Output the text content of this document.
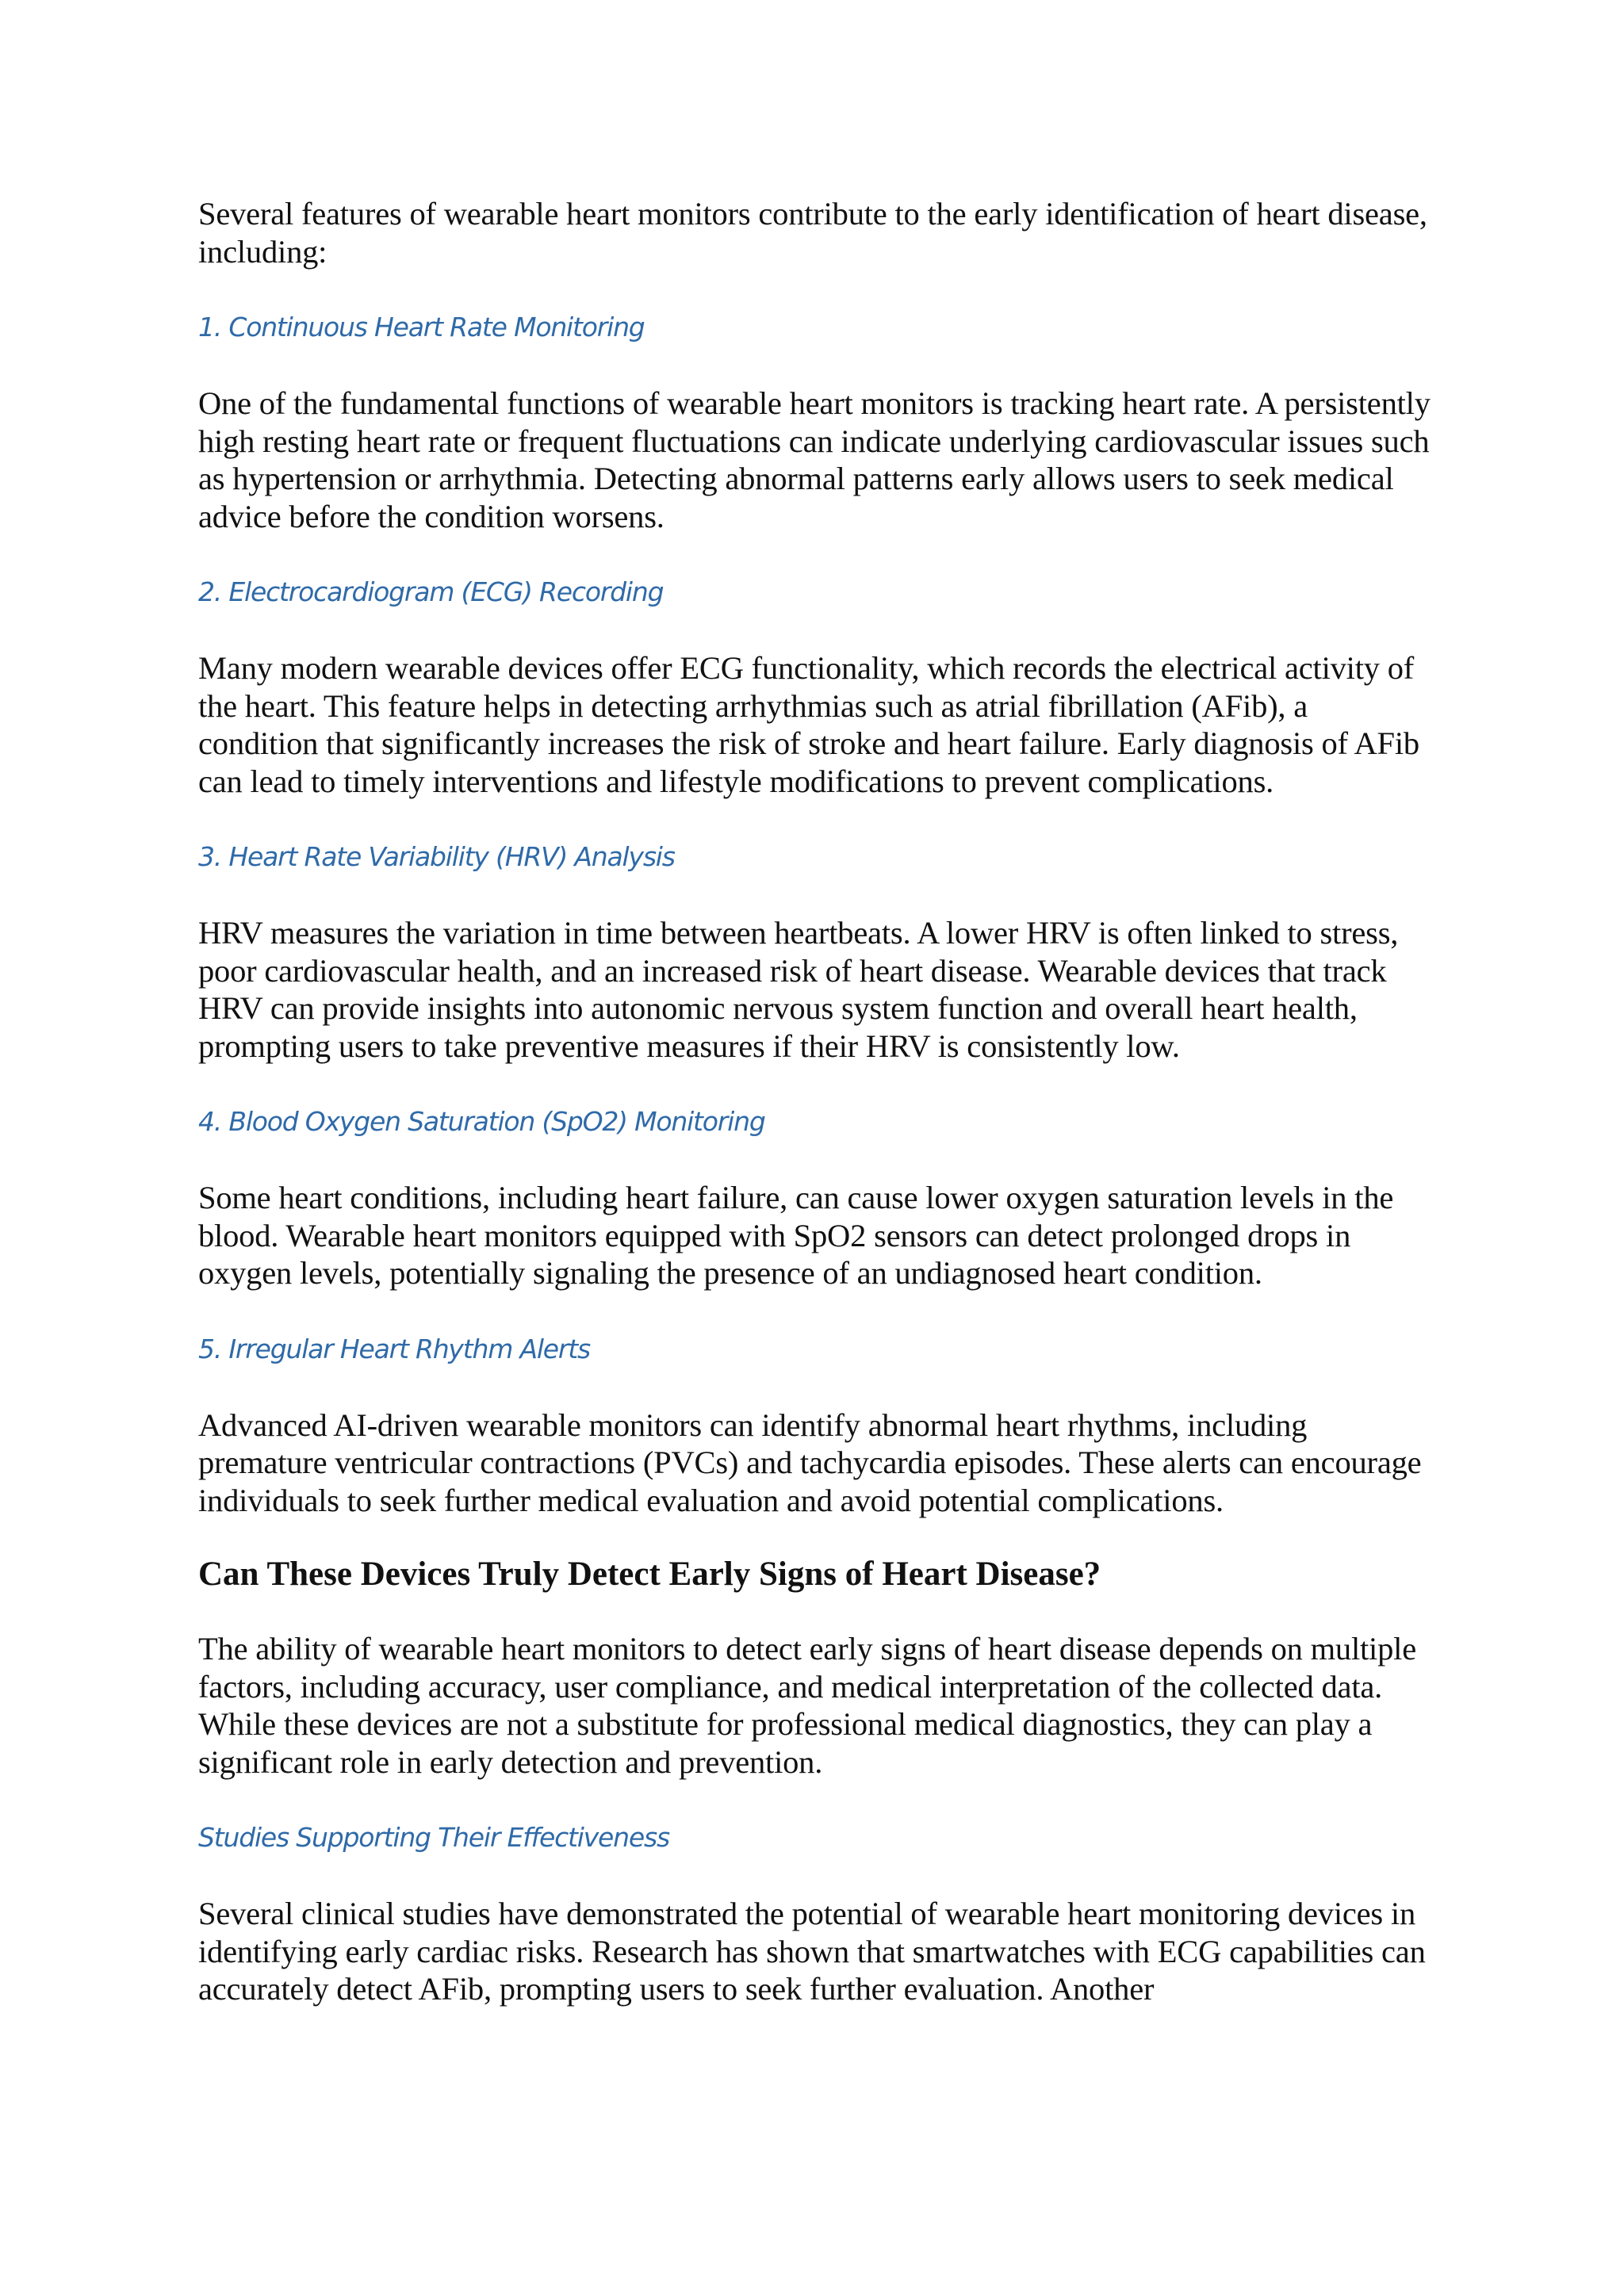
Several features of wearable heart monitors contribute to the early identification of heart disease, including:

1. Continuous Heart Rate Monitoring

One of the fundamental functions of wearable heart monitors is tracking heart rate. A persistently high resting heart rate or frequent fluctuations can indicate underlying cardiovascular issues such as hypertension or arrhythmia. Detecting abnormal patterns early allows users to seek medical advice before the condition worsens.

2. Electrocardiogram (ECG) Recording

Many modern wearable devices offer ECG functionality, which records the electrical activity of the heart. This feature helps in detecting arrhythmias such as atrial fibrillation (AFib), a condition that significantly increases the risk of stroke and heart failure. Early diagnosis of AFib can lead to timely interventions and lifestyle modifications to prevent complications.

3. Heart Rate Variability (HRV) Analysis

HRV measures the variation in time between heartbeats. A lower HRV is often linked to stress, poor cardiovascular health, and an increased risk of heart disease. Wearable devices that track HRV can provide insights into autonomic nervous system function and overall heart health, prompting users to take preventive measures if their HRV is consistently low.

4. Blood Oxygen Saturation (SpO2) Monitoring

Some heart conditions, including heart failure, can cause lower oxygen saturation levels in the blood. Wearable heart monitors equipped with SpO2 sensors can detect prolonged drops in oxygen levels, potentially signaling the presence of an undiagnosed heart condition.

5. Irregular Heart Rhythm Alerts

Advanced AI-driven wearable monitors can identify abnormal heart rhythms, including premature ventricular contractions (PVCs) and tachycardia episodes. These alerts can encourage individuals to seek further medical evaluation and avoid potential complications.

Can These Devices Truly Detect Early Signs of Heart Disease?

The ability of wearable heart monitors to detect early signs of heart disease depends on multiple factors, including accuracy, user compliance, and medical interpretation of the collected data. While these devices are not a substitute for professional medical diagnostics, they can play a significant role in early detection and prevention.

Studies Supporting Their Effectiveness

Several clinical studies have demonstrated the potential of wearable heart monitoring devices in identifying early cardiac risks. Research has shown that smartwatches with ECG capabilities can accurately detect AFib, prompting users to seek further evaluation. Another
